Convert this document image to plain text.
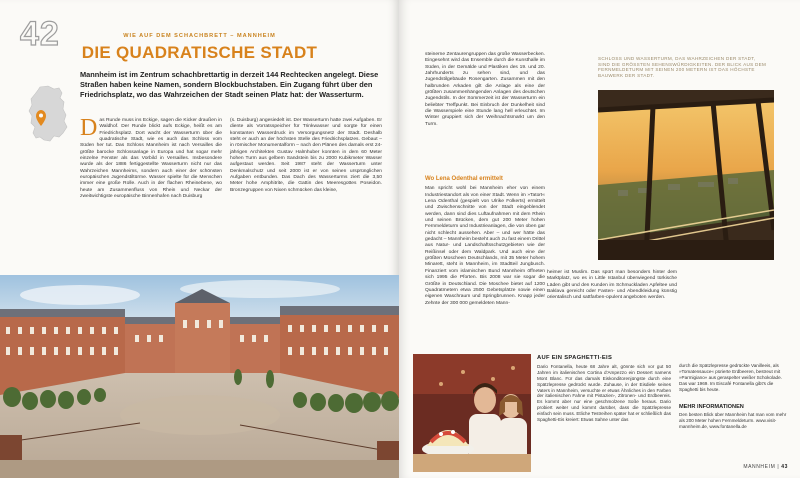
42	WIE AUF DEM SCHACHBRETT – MANNHEIM
DIE QUADRATISCHE STADT
Mannheim ist im Zentrum schachbrettartig in derzeit 144 Rechtecken angelegt. Diese Straßen haben keine Namen, sondern Blockbuchstaben. Ein Zugang führt über den Friedrichsplatz, wo das Wahrzeichen der Stadt seinen Platz hat: der Wasserturm.

Das Runde muss ins Eckige, sagen die Kicker draußen in Waldhof. Der Runde blickt aufs Eckige, heißt es am Friedrichsplatz. Dort wacht der Wasserturm über die quadratische Stadt, wie es auch das Schloss vom Süden her tut. Das Schloss Mannheim ist nach Versailles die größte barocke Schlossanlage in Europa und hat sogar mehr einzelne Fenster als das Vorbild in Versailles. Insbesondere wurde als der 1886 fertiggestellte Wasserturm nicht nur das Wahrzeichen Mannheims, sondern auch einer der schönsten europäischen Jugendstiltürme. Wasser spielte für die Menschen immer eine große Rolle. Auch in der flachen Rheinebene, wo heute am Zusammenfluss von Rhein und Neckar der zweitwichtigste europäische Binnenhafen nach Duisburg

(s. Duisburg) angesiedelt ist. Der Wasserturm hatte zwei Aufgaben. Er diente als Vorratsspeicher für Trinkwasser und sorgte für einen konstanten Wasserdruck im Versorgungsnetz der Stadt. Deshalb steht er auch an der höchsten Stelle des Friedrichsplatzes. Gebaut – in römischer Monumentalform – nach den Plänen des damals erst 24-jährigen Architekten Gustav Halmhuber konnten in dem 60 Meter hohen Turm aus gelbem Sandstein bis zu 2000 Kubikmeter Wasser aufgestaut werden. Seit 1987 steht der Wasserturm unter Denkmalschutz und seit 2000 ist er von seinen ursprünglichen Aufgaben entbunden. Das Dach des Wasserturms ziert die 3,50 Meter hohe Amphitrite, die Gattin des Meeresgottes Poseidon. Bronzegruppen von Nixen schmücken das kleine,

steinerne Zentaurengruppen das große Wasserbecken. Eingesehnt wird das Ensemble durch die Kunsthalle im Süden, in der Gemälde und Plastiken des 19. und 20. Jahrhunderts zu sehen sind, und das Jugendstilgebäude Rosengarten. Zusammen mit den halbrunden Arkaden gilt die Anlage als eine der größten zusammenhängenden Anlagen des deutschen Jugendstils. In der Sommerzeit ist der Wasserturm ein beliebter Treffpunkt. Bei Einbruch der Dunkelheit sind die Wasserspiele eine Stunde lang hell erleuchtet. Im Winter gruppiert sich der Weihnachtsmarkt um den Turm.

Wo Lena Odenthal ermittelt

Man spricht wohl bei Mannheim eher von einem Industriestandort als von einer Stadt. Wenn im »Tatort« Lena Odenthal (gespielt von Ulrike Folkerts) ermittelt und Zwischenschnitte von der Stadt eingeblendet werden, dann sind dies Luftaufnahmen mit dem Rhein und seinen Brücken, dem gut 200 Meter hohen Fernmeldeturm und Industrieanlagen, die von oben gar nicht schlecht aussehen. Aber – und wer hätte das gedacht – Mannheim besteht auch zu fast einem Drittel aus Natur- und Landschaftsschutzgebieten wie der Reißinsel oder dem Waldpark. Und auch eine der größten Moscheen Deutschlands, mit 35 Meter hohem Minarett, steht in Mannheim, im Stadtteil Jungbusch. Finanziert vom islamischen Bund Mannheim öffneten sich 1995 die Pforten. Bis 2008 war sie sogar die Größte in Deutschland. Die Moschee bietet auf 1200 Quadratmetern etwa 2500 Gebetsplätze sowie einen eigenen Waschraum und Springbrunnen. Knapp jeder Zehnte der 300 000 gemeldeten Mann-

heimer ist Muslim. Das spürt man besonders hinter dem Marktplatz, wo es in Little Istanbul überwiegend türkische Läden gibt und den Kunden im Schmuckladen Apfeltee und Baklava gereicht oder Fasten- und Abendkleidung künstig orientalisch und sattfarben-opulent angeboten werden.

SCHLOSS UND WASSERTURM, DAS WAHRZEICHEN DER STADT, SIND DIE GRÖSSTEN SEHENSWÜRDIGKEITEN. DER BLICK AUS DEM FERNMELDETURM MIT SEINEN 200 METERN IST DAS HÖCHSTE BAUWERK DER STADT.
AUF EIN SPAGHETTI-EIS

Dario Fontanella, heute 68 Jahre alt, gönnte sich vor gut 50 Jahren im italienischen Cortina d'Ampezzo ein Dessert namens Mont Blanc. Für das damals Eiskonditorenjüngste durch eine Spätzlepresse gedrückt wurde. Zuhause, in der Eisdiele seines Vaters in Mannheim, versuchte er etwas Ähnliches in den Farben der italienischen Fahne mit Pistazien-, Zitronen- und Erdbeereis. Es kommt aber nur eine geschmolzene Soße heraus. Dario probiert weiter und kommt darüber, dass die Spätzlepresse einfach sein muss. Etliche Testreihen später hat er schließlich das Spaghetti-Eis kreiert: Etwas Sahne unter das

durch die Spätzlepresse gedrückte Vanilleeis, als »Tomatensauce« pürierte Erdbeeren, bestreut mit »Parmigiano« aus geraspelter weißer Schokolade. Das war 1969. Im Eiscafé Fontanella gibt's die Spaghetti bis heute.

MEHR INFORMATIONEN

Den besten Blick über Mannheim hat man vom mehr als 200 Meter hohen Fernmeldeturm. www.visit-mannheim.de, www.fontanella.de

MANNHEIM | 43
